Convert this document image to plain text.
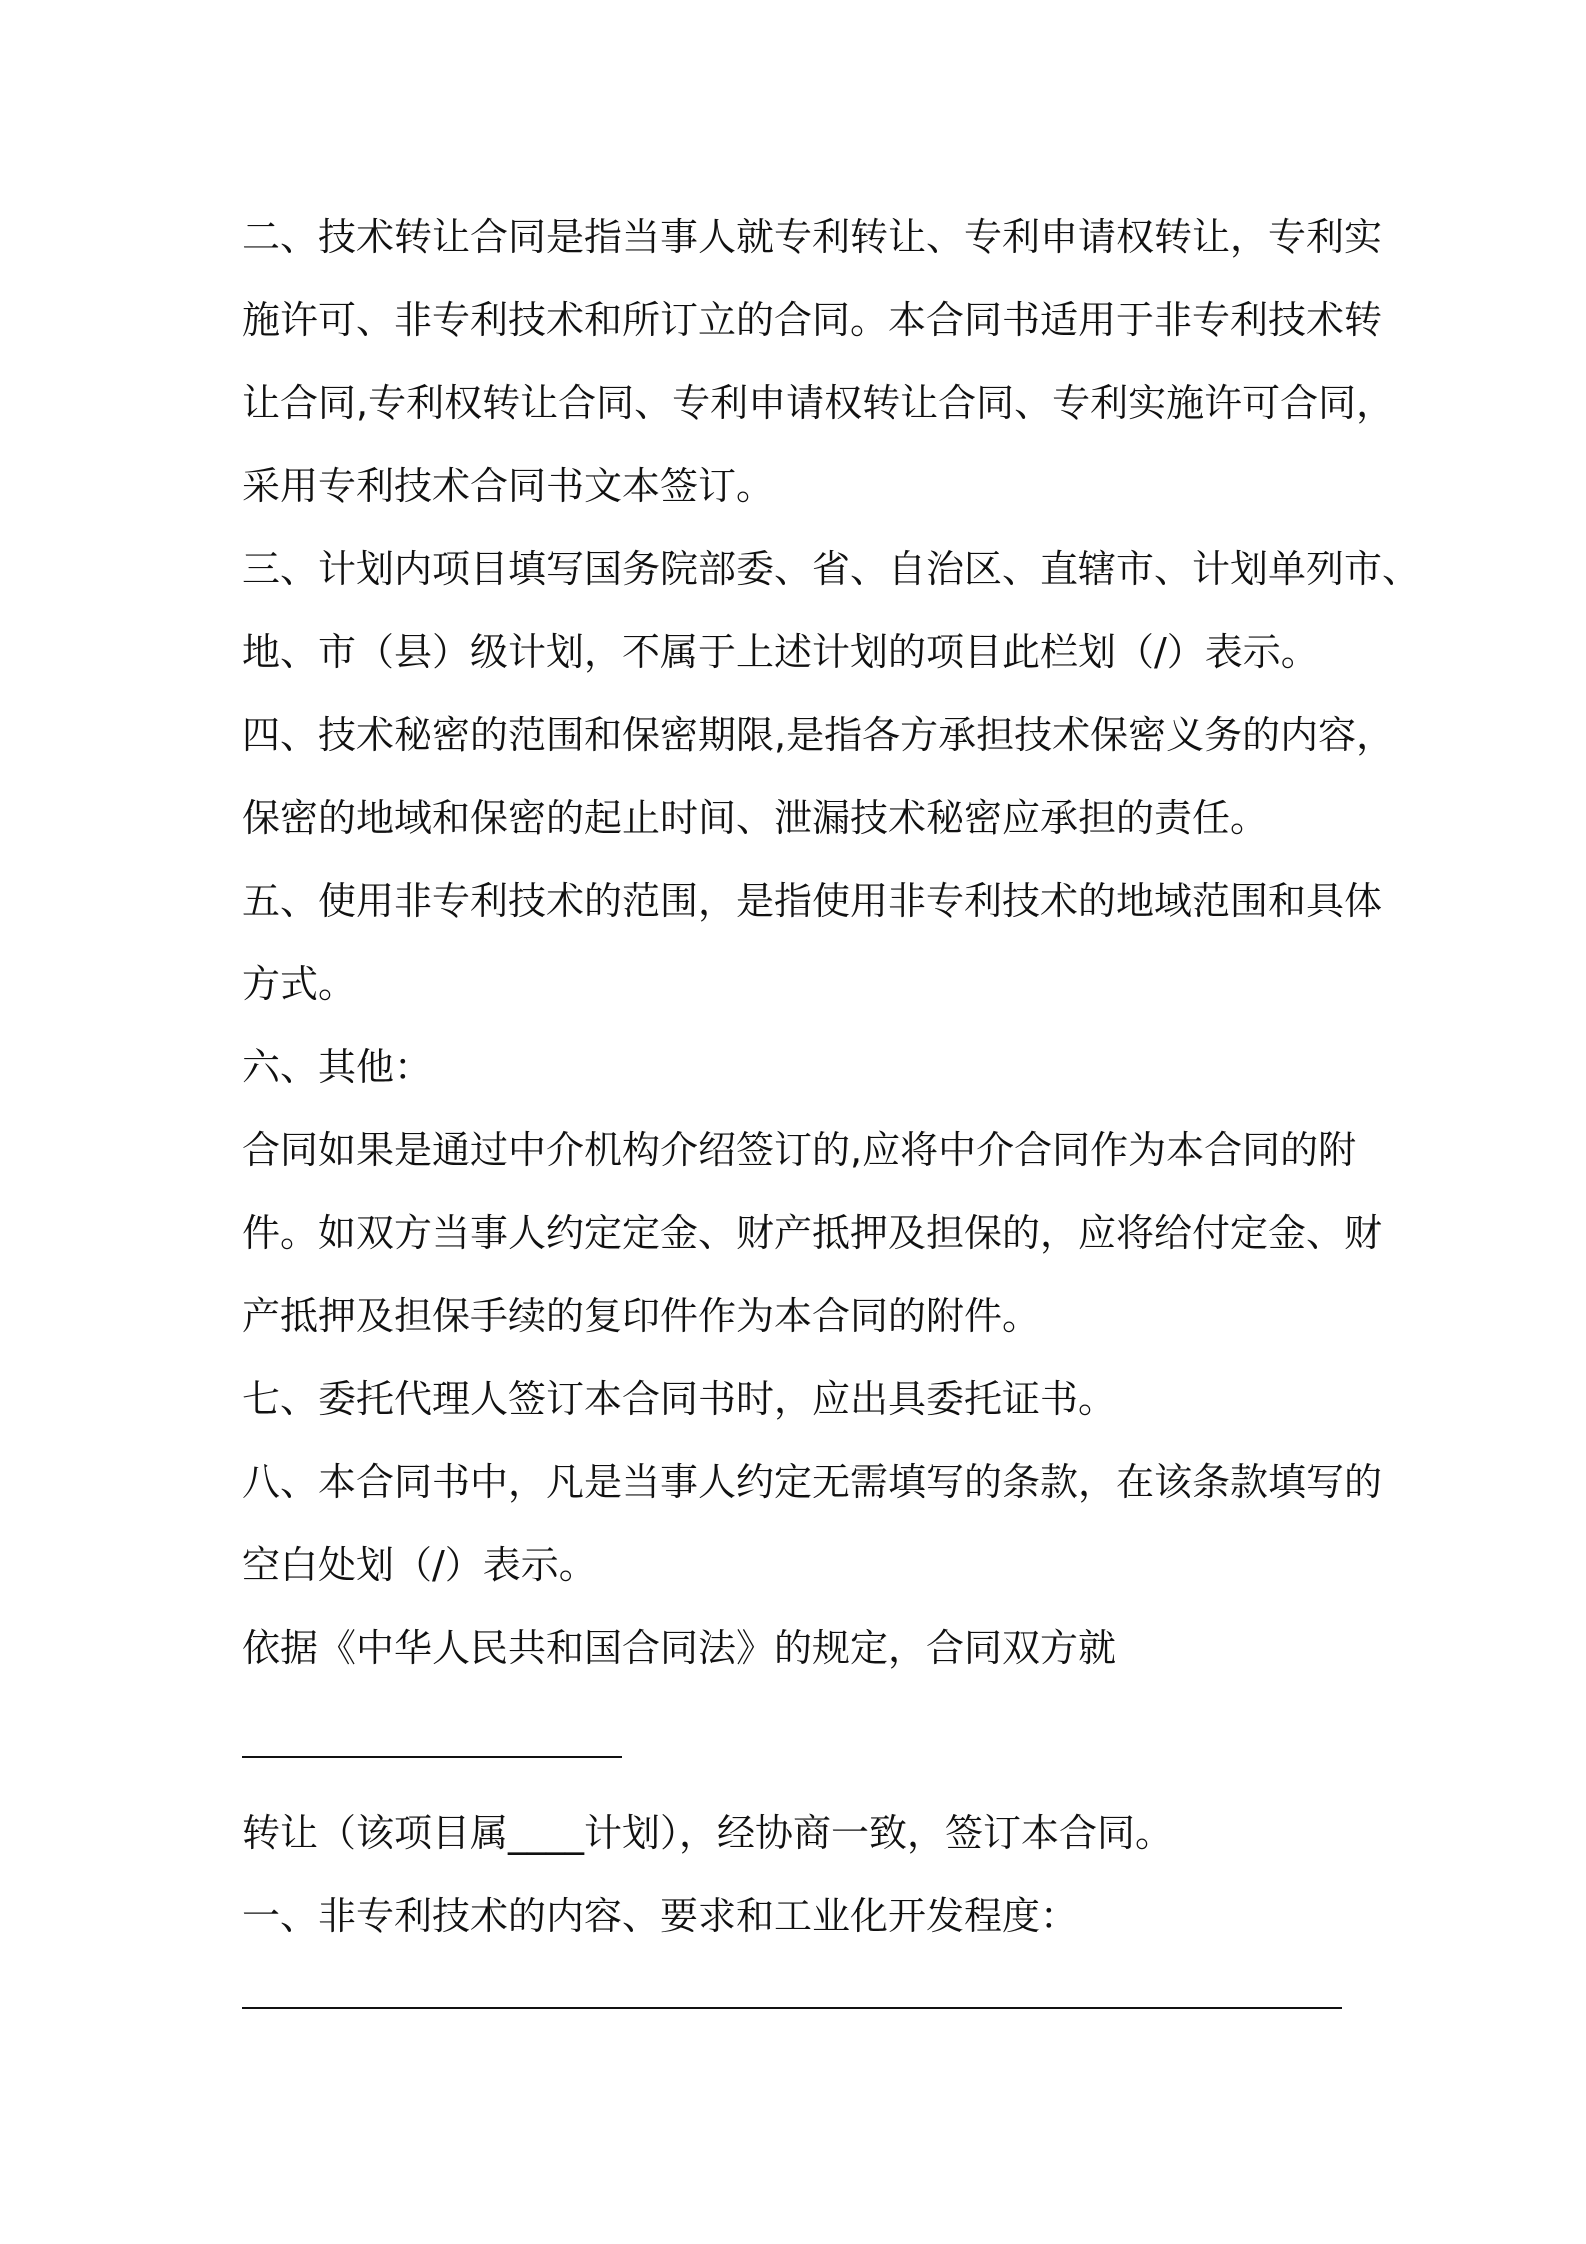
二、技术转让合同是指当事人就专利转让、专利申请权转让，专利实
施许可、非专利技术和所订立的合同。本合同书适用于非专利技术转
让合同,专利权转让合同、专利申请权转让合同、专利实施许可合同，
采用专利技术合同书文本签订。
三、计划内项目填写国务院部委、省、自治区、直辖市、计划单列市、
地、市（县）级计划，不属于上述计划的项目此栏划（/）表示。
四、技术秘密的范围和保密期限,是指各方承担技术保密义务的内容，
保密的地域和保密的起止时间、泄漏技术秘密应承担的责任。
五、使用非专利技术的范围，是指使用非专利技术的地域范围和具体
方式。
六、其他：
合同如果是通过中介机构介绍签订的,应将中介合同作为本合同的附
件。如双方当事人约定定金、财产抵押及担保的，应将给付定金、财
产抵押及担保手续的复印件作为本合同的附件。
七、委托代理人签订本合同书时，应出具委托证书。
八、本合同书中，凡是当事人约定无需填写的条款，在该条款填写的
空白处划（/）表示。
依据《中华人民共和国合同法》的规定，合同双方就
转让（该项目属____计划），经协商一致，签订本合同。
一、非专利技术的内容、要求和工业化开发程度：
